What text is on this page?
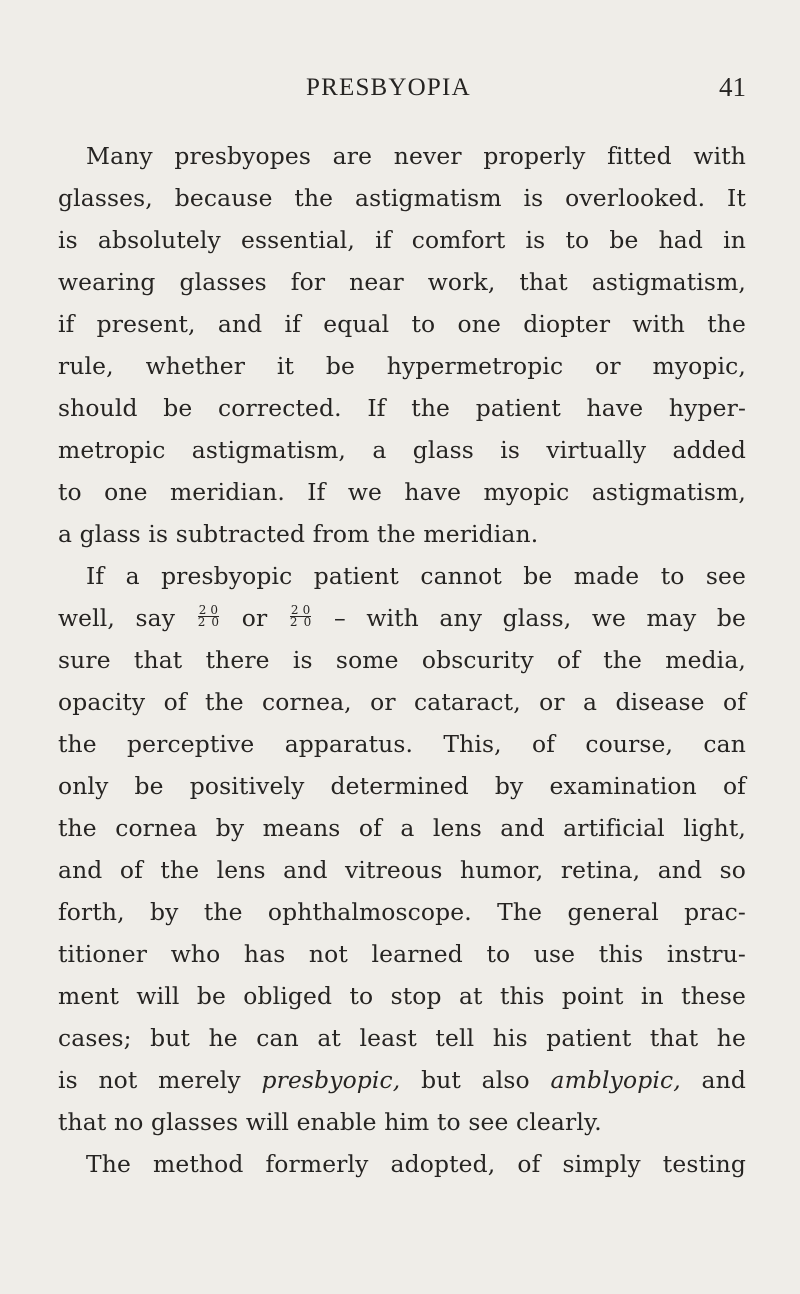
PRESBYOPIA	41
Many presbyopes are never properly fitted with
glasses, because the astigmatism is overlooked. It
is absolutely essential, if comfort is to be had in
wearing glasses for near work, that astigmatism,
if present, and if equal to one diopter with the
rule, whether it be hypermetropic or myopic,
should be corrected. If the patient have hyper-
metropic astigmatism, a glass is virtually added
to one meridian. If we have myopic astigmatism,
a glass is subtracted from the meridian.
If a presbyopic patient cannot be made to see
well, say $\frac{2 0}{2 0}$ or $\frac{2 0}{2 0}$ – with any glass, we may be
sure that there is some obscurity of the media,
opacity of the cornea, or cataract, or a disease of
the perceptive apparatus. This, of course, can
only be positively determined by examination of
the cornea by means of a lens and artificial light,
and of the lens and vitreous humor, retina, and so
forth, by the ophthalmoscope. The general prac-
titioner who has not learned to use this instru-
ment will be obliged to stop at this point in these
cases; but he can at least tell his patient that he
is not merely presbyopic, but also amblyopic, and
that no glasses will enable him to see clearly.
The method formerly adopted, of simply testing
